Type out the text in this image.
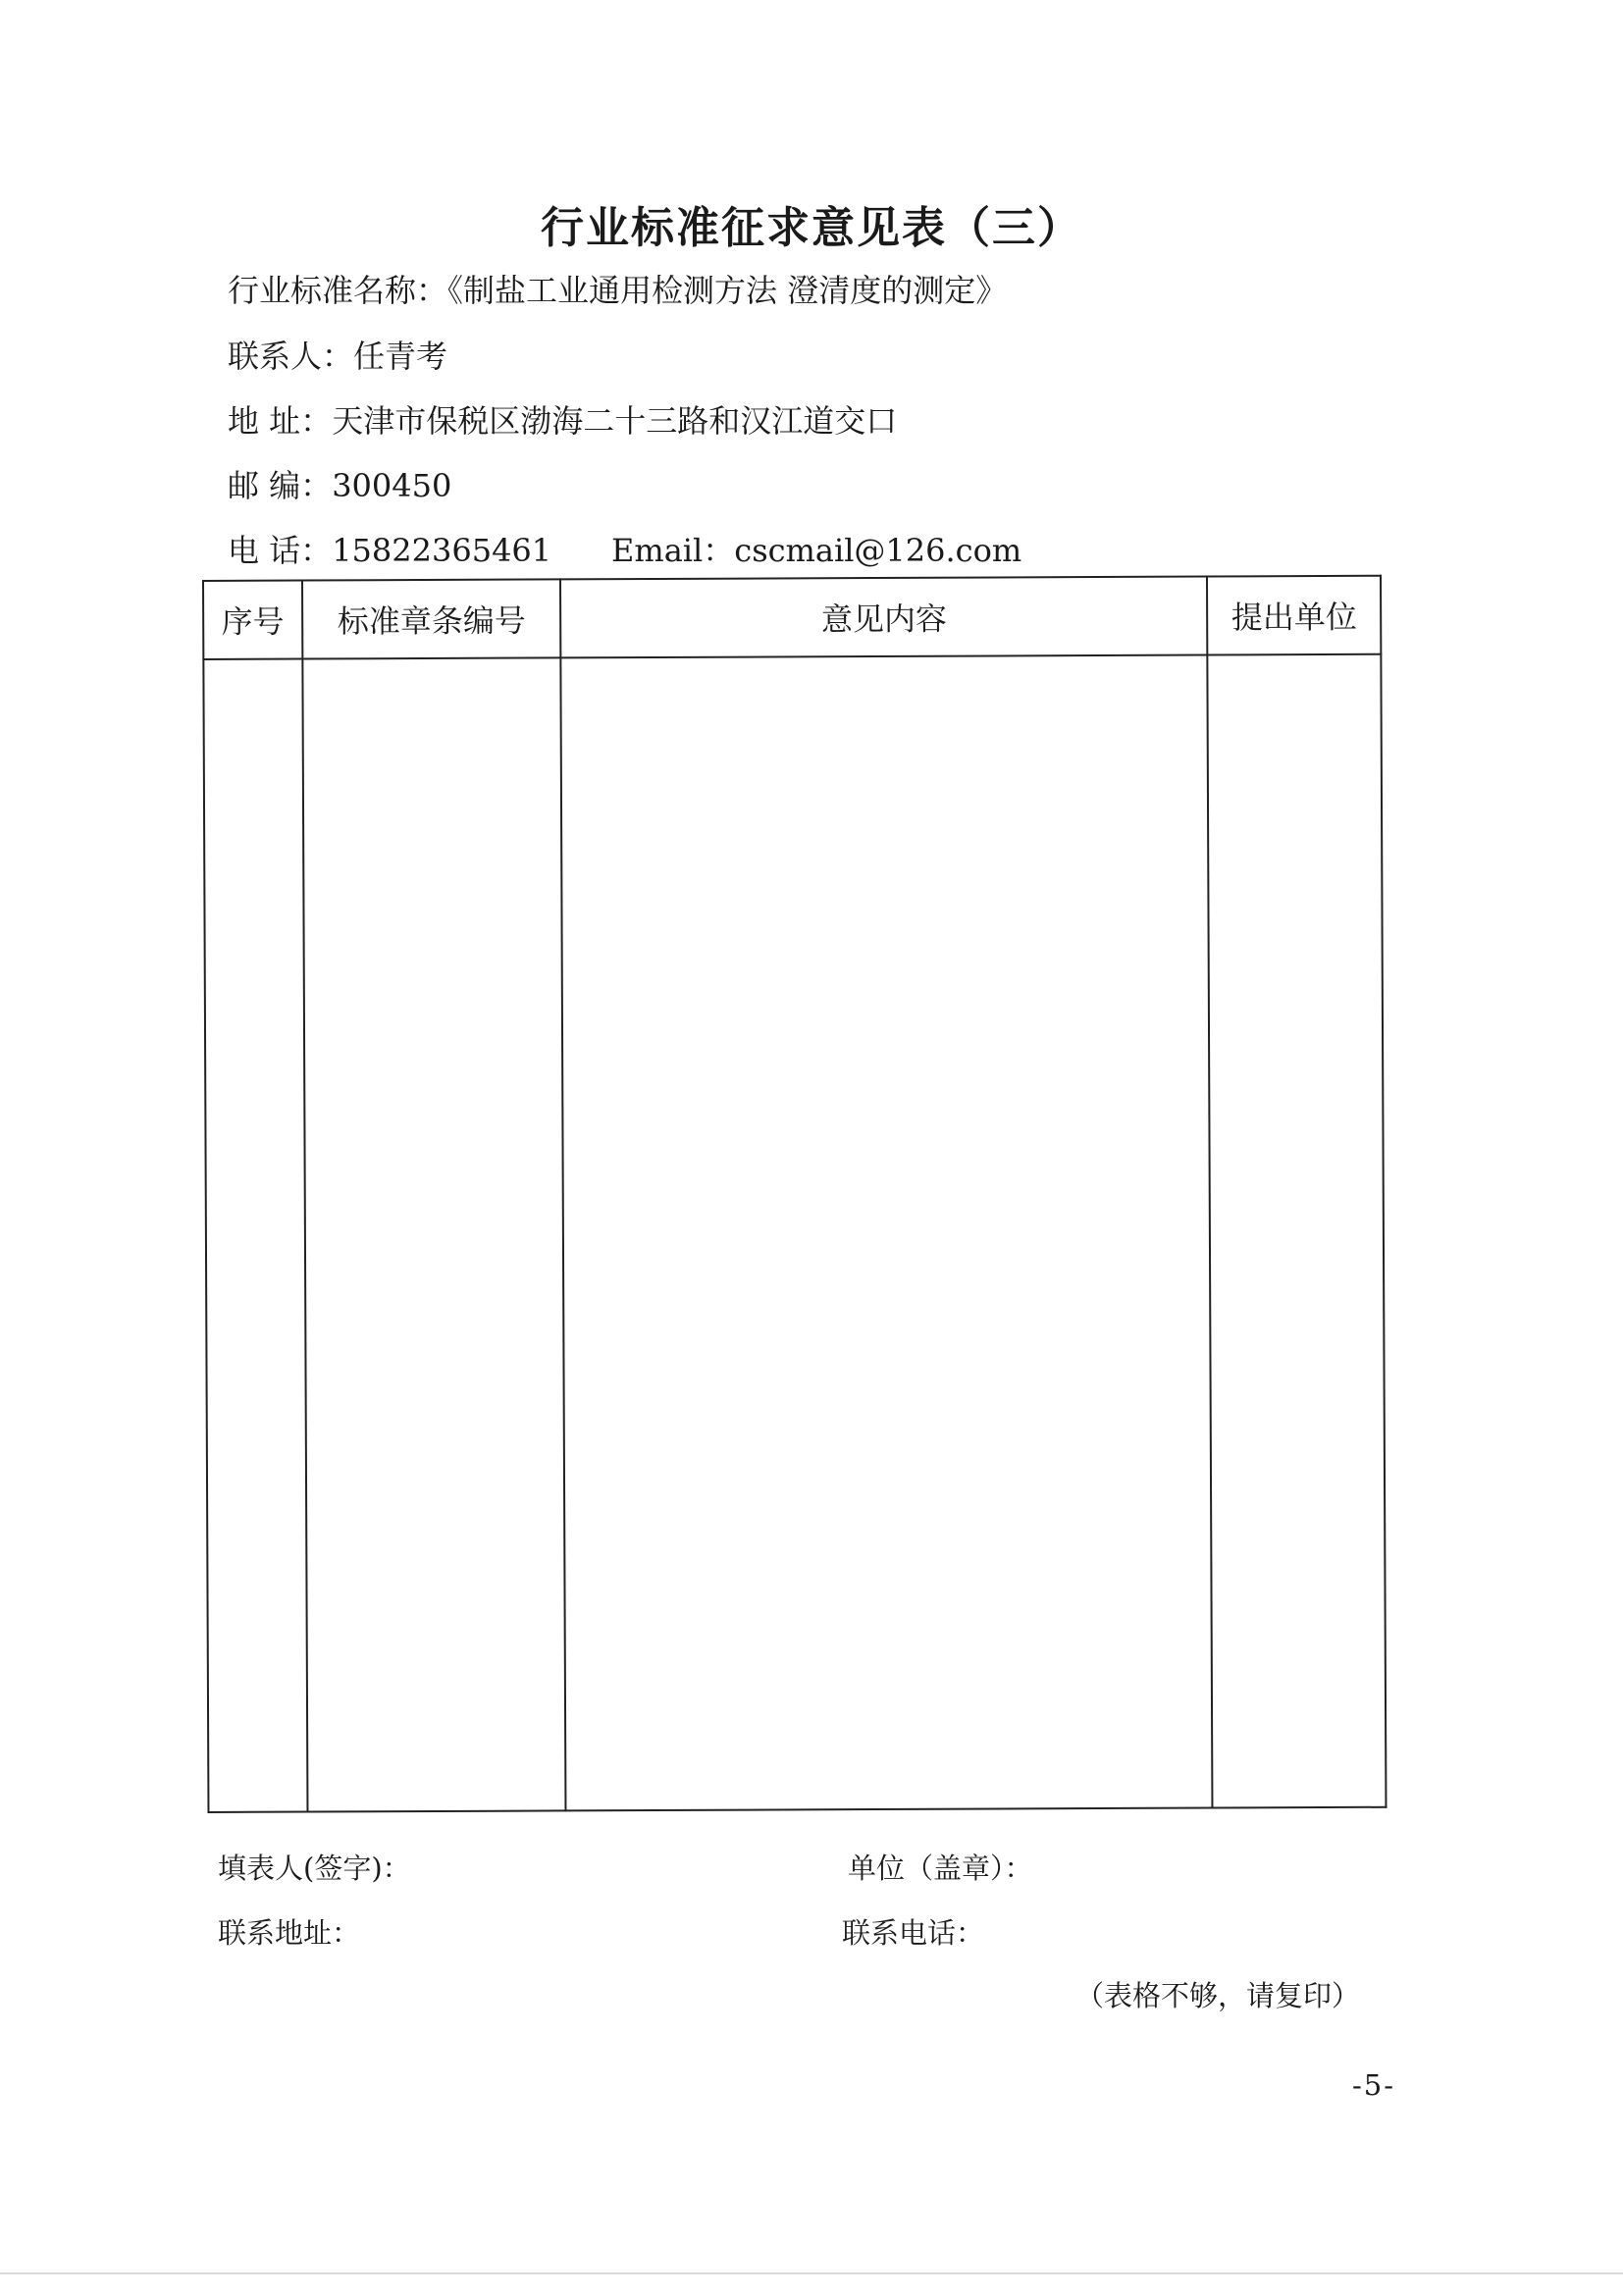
行业标准征求意见表（三）
行业标准名称：《制盐工业通用检测方法 澄清度的测定》
联系人：任青考
地 址：天津市保税区渤海二十三路和汉江道交口
邮 编：300450
电 话：15822365461 Email：cscmail@126.com
序号	标准章条编号	意见内容	提出单位

填表人(签字)：	单位（盖章）：
联系地址：	联系电话：
（表格不够，请复印）
-5-
